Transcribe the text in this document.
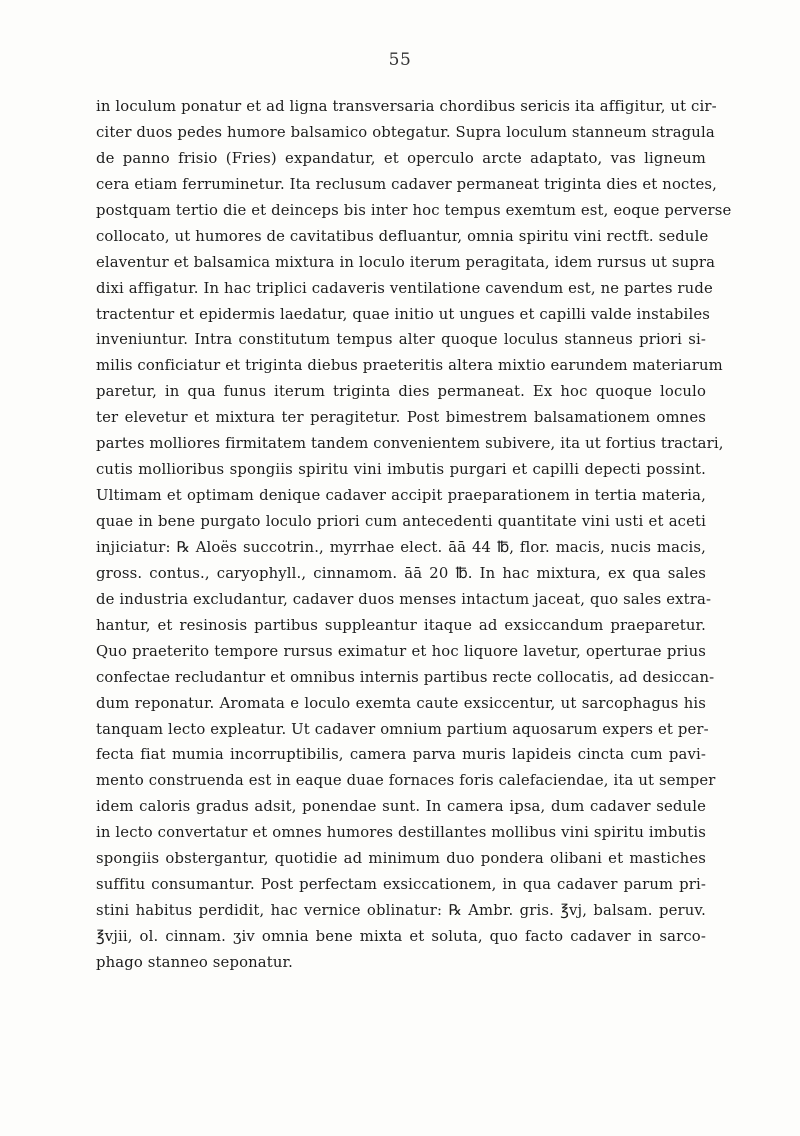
55
in loculum ponatur et ad ligna transversaria chordibus sericis ita affigitur, ut cir-
citer duos pedes humore balsamico obtegatur. Supra loculum stanneum stragula
de panno frisio (Fries) expandatur, et operculo arcte adaptato, vas ligneum
cera etiam ferruminetur. Ita reclusum cadaver permaneat triginta dies et noctes,
postquam tertio die et deinceps bis inter hoc tempus exemtum est, eoque perverse
collocato, ut humores de cavitatibus defluantur, omnia spiritu vini rectft. sedule
elaventur et balsamica mixtura in loculo iterum peragitata, idem rursus ut supra
dixi affigatur. In hac triplici cadaveris ventilatione cavendum est, ne partes rude
tractentur et epidermis laedatur, quae initio ut ungues et capilli valde instabiles
inveniuntur. Intra constitutum tempus alter quoque loculus stanneus priori si-
milis conficiatur et triginta diebus praeteritis altera mixtio earundem materiarum
paretur, in qua funus iterum triginta dies permaneat. Ex hoc quoque loculo
ter elevetur et mixtura ter peragitetur. Post bimestrem balsamationem omnes
partes molliores firmitatem tandem convenientem subivere, ita ut fortius tractari,
cutis mollioribus spongiis spiritu vini imbutis purgari et capilli depecti possint.
Ultimam et optimam denique cadaver accipit praeparationem in tertia materia,
quae in bene purgato loculo priori cum antecedenti quantitate vini usti et aceti
injiciatur: ℞ Aloës succotrin., myrrhae elect. āā 44 ℔, flor. macis, nucis macis,
gross. contus., caryophyll., cinnamom. āā 20 ℔. In hac mixtura, ex qua sales
de industria excludantur, cadaver duos menses intactum jaceat, quo sales extra-
hantur, et resinosis partibus suppleantur itaque ad exsiccandum praeparetur.
Quo praeterito tempore rursus eximatur et hoc liquore lavetur, operturae prius
confectae recludantur et omnibus internis partibus recte collocatis, ad desiccan-
dum reponatur. Aromata e loculo exemta caute exsiccentur, ut sarcophagus his
tanquam lecto expleatur. Ut cadaver omnium partium aquosarum expers et per-
fecta fiat mumia incorruptibilis, camera parva muris lapideis cincta cum pavi-
mento construenda est in eaque duae fornaces foris calefaciendae, ita ut semper
idem caloris gradus adsit, ponendae sunt. In camera ipsa, dum cadaver sedule
in lecto convertatur et omnes humores destillantes mollibus vini spiritu imbutis
spongiis obstergantur, quotidie ad minimum duo pondera olibani et mastiches
suffitu consumantur. Post perfectam exsiccationem, in qua cadaver parum pri-
stini habitus perdidit, hac vernice oblinatur: ℞ Ambr. gris. ℥vj, balsam. peruv.
℥vjii, ol. cinnam. ʒiv omnia bene mixta et soluta, quo facto cadaver in sarco-
phago stanneo seponatur.
